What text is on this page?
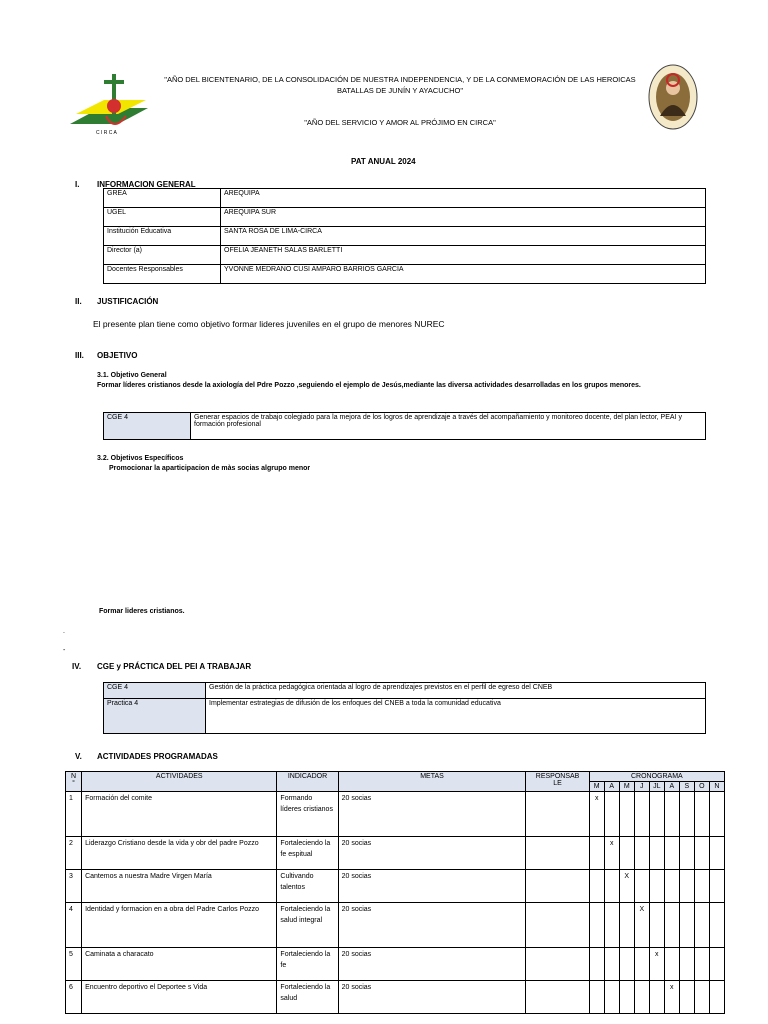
C I R C A
"AÑO DEL BICENTENARIO, DE LA CONSOLIDACIÓN DE NUESTRA INDEPENDENCIA, Y DE LA CONMEMORACIÓN DE LAS HEROICAS
BATALLAS DE JUNÍN Y AYACUCHO"
"AÑO DEL SERVICIO Y AMOR AL PRÓJIMO EN CIRCA"
PAT ANUAL 2024
I. INFORMACION GENERAL
GREA	AREQUIPA
UGEL	AREQUIPA SUR
Institución Educativa	SANTA ROSA DE LIMA-CIRCA
Director (a)	OFELIA JEANETH SALAS BARLETTI
Docentes Responsables	YVONNE MEDRANO CUSI AMPARO BARRIOS GARCIA
II. JUSTIFICACIÓN
El presente plan tiene como objetivo formar lideres juveniles en el grupo de menores NUREC
III. OBJETIVO
3.1. Objetivo General
Formar líderes cristianos desde la axiología del Pdre Pozzo ,seguiendo el ejemplo de Jesús,mediante las diversa actividades desarrolladas en los grupos menores.
CGE 4	Generar espacios de trabajo colegiado para la mejora de los logros de aprendizaje a través del acompañamiento y monitoreo docente, del plan lector, PEAI y formación profesional
3.2. Objetivos Específicos
Promocionar la aparticipacion de màs socias algrupo menor
Formar lideres cristianos.
.
-
IV. CGE y PRÁCTICA DEL PEI A TRABAJAR
CGE 4	Gestión de la práctica pedagógica orientada al logro de aprendizajes previstos en el perfil de egreso del CNEB
Practica 4	Implementar estrategias de difusión de los enfoques del CNEB a toda la comunidad educativa
V. ACTIVIDADES PROGRAMADAS
N
°	ACTIVIDADES	INDICADOR	METAS	RESPONSAB
LE	CRONOGRAMA								
					M	A	M	J	JL	A	S	O	N
1	Formación del comite	Formando líderes cristianos	20 socias		x								
2	Liderazgo Cristiano desde la vida y obr del padre Pozzo	Fortaleciendo la fe espitual	20 socias			x							
3	Cantemos a nuestra Madre Virgen María	Cultivando talentos	20 socias				X						
4	Identidad y formacion en a obra del Padre Carlos Pozzo	Fortaleciendo la salud integral	20 socias					X					
5	Caminata a characato	Fortaleciendo la fe	20 socias						x				
6	Encuentro deportivo el Deportee s Vida	Fortaleciendo la salud	20 socias							x			
